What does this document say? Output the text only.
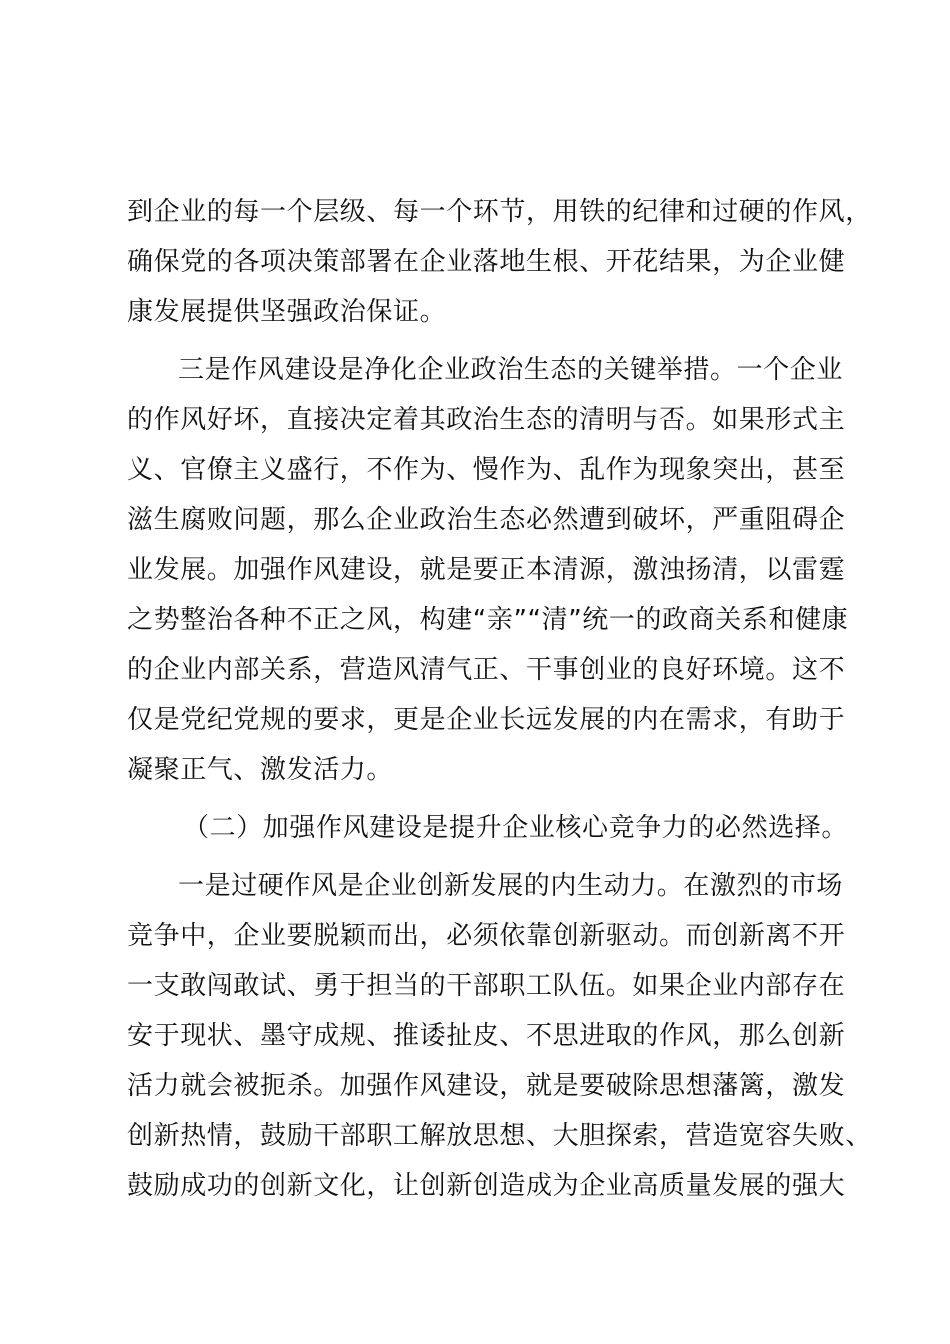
到企业的每一个层级、每一个环节，用铁的纪律和过硬的作风，

确保党的各项决策部署在企业落地生根、开花结果，为企业健

康发展提供坚强政治保证。

三是作风建设是净化企业政治生态的关键举措。一个企业

的作风好坏，直接决定着其政治生态的清明与否。如果形式主

义、官僚主义盛行，不作为、慢作为、乱作为现象突出，甚至

滋生腐败问题，那么企业政治生态必然遭到破坏，严重阻碍企

业发展。加强作风建设，就是要正本清源，激浊扬清，以雷霆

之势整治各种不正之风，构建“亲”“清”统一的政商关系和健康

的企业内部关系，营造风清气正、干事创业的良好环境。这不

仅是党纪党规的要求，更是企业长远发展的内在需求，有助于

凝聚正气、激发活力。

（二）加强作风建设是提升企业核心竞争力的必然选择。

一是过硬作风是企业创新发展的内生动力。在激烈的市场

竞争中，企业要脱颖而出，必须依靠创新驱动。而创新离不开

一支敢闯敢试、勇于担当的干部职工队伍。如果企业内部存在

安于现状、墨守成规、推诿扯皮、不思进取的作风，那么创新

活力就会被扼杀。加强作风建设，就是要破除思想藩篱，激发

创新热情，鼓励干部职工解放思想、大胆探索，营造宽容失败、

鼓励成功的创新文化，让创新创造成为企业高质量发展的强大
